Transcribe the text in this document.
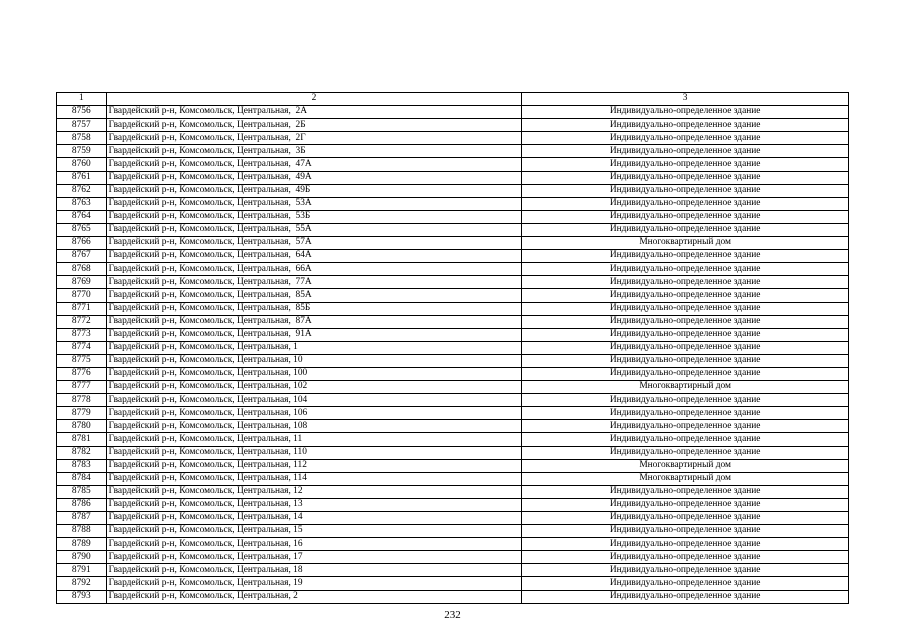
1	2	3
8756	Гвардейский р-н, Комсомольск, Центральная,  2А	Индивидуально-определенное здание
8757	Гвардейский р-н, Комсомольск, Центральная,  2Б	Индивидуально-определенное здание
8758	Гвардейский р-н, Комсомольск, Центральная,  2Г	Индивидуально-определенное здание
8759	Гвардейский р-н, Комсомольск, Центральная,  3Б	Индивидуально-определенное здание
8760	Гвардейский р-н, Комсомольск, Центральная,  47А	Индивидуально-определенное здание
8761	Гвардейский р-н, Комсомольск, Центральная,  49А	Индивидуально-определенное здание
8762	Гвардейский р-н, Комсомольск, Центральная,  49Б	Индивидуально-определенное здание
8763	Гвардейский р-н, Комсомольск, Центральная,  53А	Индивидуально-определенное здание
8764	Гвардейский р-н, Комсомольск, Центральная,  53Б	Индивидуально-определенное здание
8765	Гвардейский р-н, Комсомольск, Центральная,  55А	Индивидуально-определенное здание
8766	Гвардейский р-н, Комсомольск, Центральная,  57А	Многоквартирный дом
8767	Гвардейский р-н, Комсомольск, Центральная,  64А	Индивидуально-определенное здание
8768	Гвардейский р-н, Комсомольск, Центральная,  66А	Индивидуально-определенное здание
8769	Гвардейский р-н, Комсомольск, Центральная,  77А	Индивидуально-определенное здание
8770	Гвардейский р-н, Комсомольск, Центральная,  85А	Индивидуально-определенное здание
8771	Гвардейский р-н, Комсомольск, Центральная,  85Б	Индивидуально-определенное здание
8772	Гвардейский р-н, Комсомольск, Центральная,  87А	Индивидуально-определенное здание
8773	Гвардейский р-н, Комсомольск, Центральная,  91А	Индивидуально-определенное здание
8774	Гвардейский р-н, Комсомольск, Центральная, 1	Индивидуально-определенное здание
8775	Гвардейский р-н, Комсомольск, Центральная, 10	Индивидуально-определенное здание
8776	Гвардейский р-н, Комсомольск, Центральная, 100	Индивидуально-определенное здание
8777	Гвардейский р-н, Комсомольск, Центральная, 102	Многоквартирный дом
8778	Гвардейский р-н, Комсомольск, Центральная, 104	Индивидуально-определенное здание
8779	Гвардейский р-н, Комсомольск, Центральная, 106	Индивидуально-определенное здание
8780	Гвардейский р-н, Комсомольск, Центральная, 108	Индивидуально-определенное здание
8781	Гвардейский р-н, Комсомольск, Центральная, 11	Индивидуально-определенное здание
8782	Гвардейский р-н, Комсомольск, Центральная, 110	Индивидуально-определенное здание
8783	Гвардейский р-н, Комсомольск, Центральная, 112	Многоквартирный дом
8784	Гвардейский р-н, Комсомольск, Центральная, 114	Многоквартирный дом
8785	Гвардейский р-н, Комсомольск, Центральная, 12	Индивидуально-определенное здание
8786	Гвардейский р-н, Комсомольск, Центральная, 13	Индивидуально-определенное здание
8787	Гвардейский р-н, Комсомольск, Центральная, 14	Индивидуально-определенное здание
8788	Гвардейский р-н, Комсомольск, Центральная, 15	Индивидуально-определенное здание
8789	Гвардейский р-н, Комсомольск, Центральная, 16	Индивидуально-определенное здание
8790	Гвардейский р-н, Комсомольск, Центральная, 17	Индивидуально-определенное здание
8791	Гвардейский р-н, Комсомольск, Центральная, 18	Индивидуально-определенное здание
8792	Гвардейский р-н, Комсомольск, Центральная, 19	Индивидуально-определенное здание
8793	Гвардейский р-н, Комсомольск, Центральная, 2	Индивидуально-определенное здание
232
